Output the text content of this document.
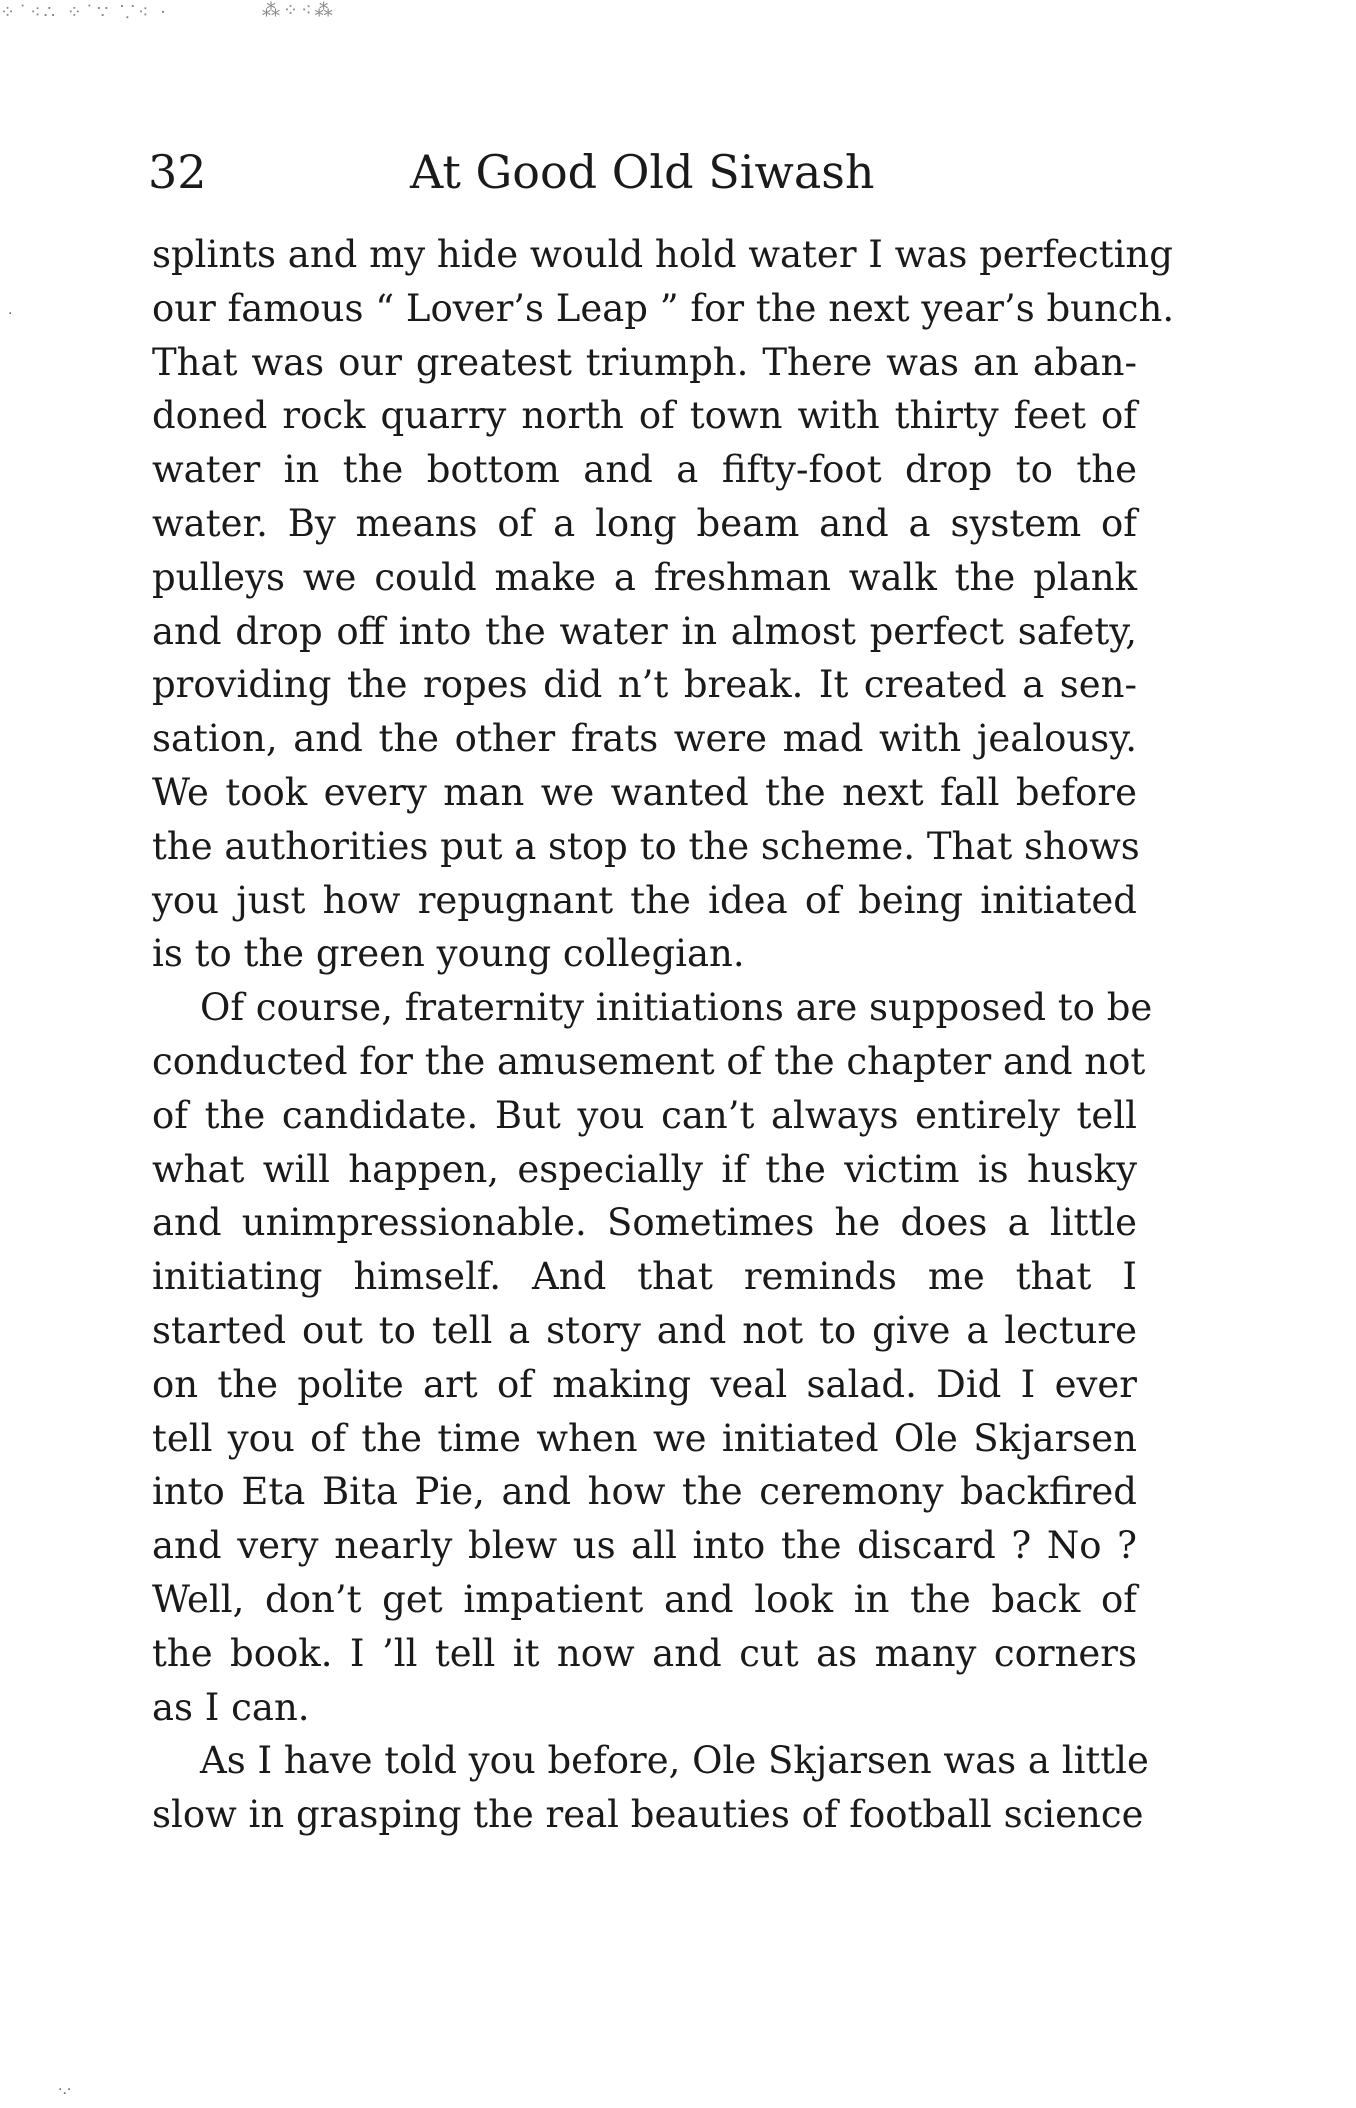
⁘˙⁖∴ ⁘˙∵ ⸪⁖ ·	⁂⁘⁖⁂
32	At Good Old Siwash
splints and my hide would hold water I was perfecting
our famous “ Lover’s Leap ” for the next year’s bunch.
That was our greatest triumph. There was an aban-
doned rock quarry north of town with thirty feet of
water in the bottom and a fifty-foot drop to the
water. By means of a long beam and a system of
pulleys we could make a freshman walk the plank
and drop off into the water in almost perfect safety,
providing the ropes did n’t break. It created a sen-
sation, and the other frats were mad with jealousy.
We took every man we wanted the next fall before
the authorities put a stop to the scheme. That shows
you just how repugnant the idea of being initiated
is to the green young collegian.
Of course, fraternity initiations are supposed to be
conducted for the amusement of the chapter and not
of the candidate. But you can’t always entirely tell
what will happen, especially if the victim is husky
and unimpressionable. Sometimes he does a little
initiating himself. And that reminds me that I
started out to tell a story and not to give a lecture
on the polite art of making veal salad. Did I ever
tell you of the time when we initiated Ole Skjarsen
into Eta Bita Pie, and how the ceremony backfired
and very nearly blew us all into the discard ? No ?
Well, don’t get impatient and look in the back of
the book. I ’ll tell it now and cut as many corners
as I can.
As I have told you before, Ole Skjarsen was a little
slow in grasping the real beauties of football science
·.·
·
